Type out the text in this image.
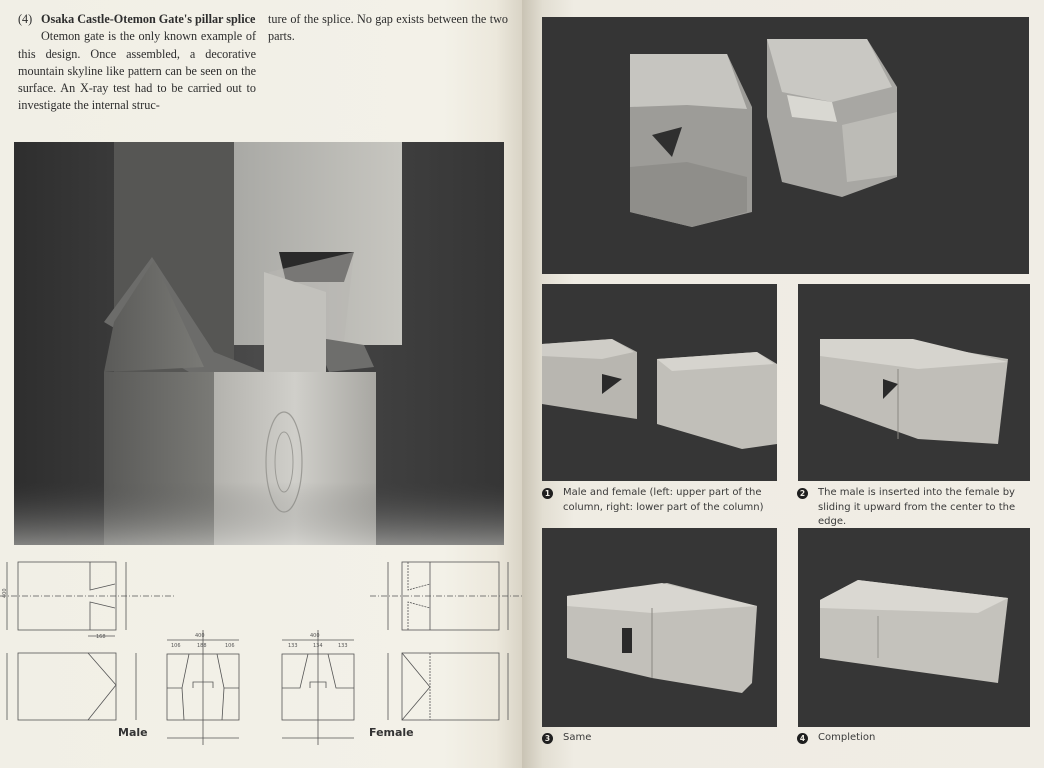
(4) Osaka Castle-Otemon Gate's pillar splice

Otemon gate is the only known example of this design. Once assembled, a decorative mountain skyline like pattern can be seen on the surface. An X-ray test had to be carried out to investigate the internal struc-

ture of the splice. No gap exists between the two parts.

400
168
Male
400
106	188	106
400
133	134	133
Female
1 Male and female (left: upper part of the column, right: lower part of the column)
2 The male is inserted into the female by sliding it upward from the center to the edge.
3 Same	4 Completion
